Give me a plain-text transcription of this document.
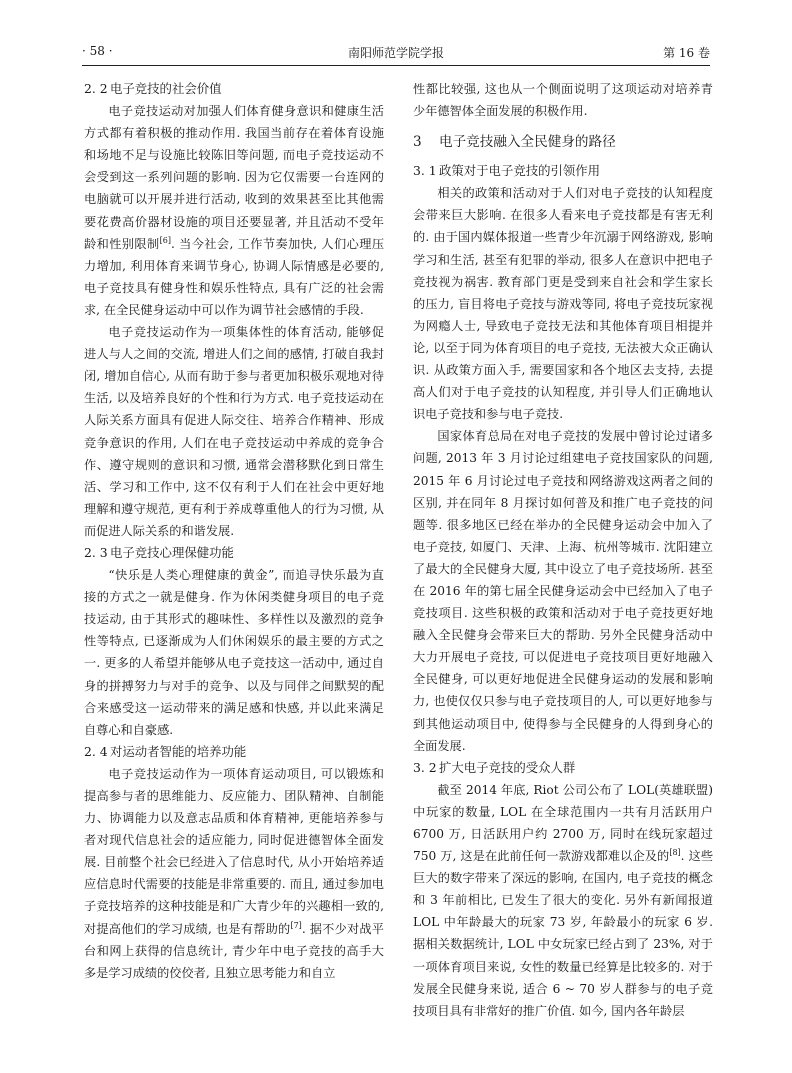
· 58 ·	南阳师范学院学报	第 16 卷
2. 2 电子竞技的社会价值

电子竞技运动对加强人们体育健身意识和健康生活方式都有着积极的推动作用. 我国当前存在着体育设施和场地不足与设施比较陈旧等问题, 而电子竞技运动不会受到这一系列问题的影响. 因为它仅需要一台连网的电脑就可以开展并进行活动, 收到的效果甚至比其他需要花费高价器材设施的项目还要显著, 并且活动不受年龄和性别限制[6]. 当今社会, 工作节奏加快, 人们心理压力增加, 利用体育来调节身心, 协调人际情感是必要的, 电子竞技具有健身性和娱乐性特点, 具有广泛的社会需求, 在全民健身运动中可以作为调节社会感情的手段.

电子竞技运动作为一项集体性的体育活动, 能够促进人与人之间的交流, 增进人们之间的感情, 打破自我封闭, 增加自信心, 从而有助于参与者更加积极乐观地对待生活, 以及培养良好的个性和行为方式. 电子竞技运动在人际关系方面具有促进人际交往、培养合作精神、形成竞争意识的作用, 人们在电子竞技运动中养成的竞争合作、遵守规则的意识和习惯, 通常会潜移默化到日常生活、学习和工作中, 这不仅有利于人们在社会中更好地理解和遵守规范, 更有利于养成尊重他人的行为习惯, 从而促进人际关系的和谐发展.

2. 3 电子竞技心理保健功能

“快乐是人类心理健康的黄金”, 而追寻快乐最为直接的方式之一就是健身. 作为休闲类健身项目的电子竞技运动, 由于其形式的趣味性、多样性以及激烈的竞争性等特点, 已逐渐成为人们休闲娱乐的最主要的方式之一. 更多的人希望并能够从电子竞技这一活动中, 通过自身的拼搏努力与对手的竞争、以及与同伴之间默契的配合来感受这一运动带来的满足感和快感, 并以此来满足自尊心和自豪感.

2. 4 对运动者智能的培养功能

电子竞技运动作为一项体育运动项目, 可以锻炼和提高参与者的思维能力、反应能力、团队精神、自制能力、协调能力以及意志品质和体育精神, 更能培养参与者对现代信息社会的适应能力, 同时促进德智体全面发展. 目前整个社会已经进入了信息时代, 从小开始培养适应信息时代需要的技能是非常重要的. 而且, 通过参加电子竞技培养的这种技能是和广大青少年的兴趣相一致的, 对提高他们的学习成绩, 也是有帮助的[7]. 据不少对战平台和网上获得的信息统计, 青少年中电子竞技的高手大多是学习成绩的佼佼者, 且独立思考能力和自立

性都比较强, 这也从一个侧面说明了这项运动对培养青少年德智体全面发展的积极作用.

3 电子竞技融入全民健身的路径
3. 1 政策对于电子竞技的引领作用

相关的政策和活动对于人们对电子竞技的认知程度会带来巨大影响. 在很多人看来电子竞技都是有害无利的. 由于国内媒体报道一些青少年沉溺于网络游戏, 影响学习和生活, 甚至有犯罪的举动, 很多人在意识中把电子竞技视为祸害. 教育部门更是受到来自社会和学生家长的压力, 盲目将电子竞技与游戏等同, 将电子竞技玩家视为网瘾人士, 导致电子竞技无法和其他体育项目相提并论, 以至于同为体育项目的电子竞技, 无法被大众正确认识. 从政策方面入手, 需要国家和各个地区去支持, 去提高人们对于电子竞技的认知程度, 并引导人们正确地认识电子竞技和参与电子竞技.

国家体育总局在对电子竞技的发展中曾讨论过诸多问题, 2013 年 3 月讨论过组建电子竞技国家队的问题, 2015 年 6 月讨论过电子竞技和网络游戏这两者之间的区别, 并在同年 8 月探讨如何普及和推广电子竞技的问题等. 很多地区已经在举办的全民健身运动会中加入了电子竞技, 如厦门、天津、上海、杭州等城市. 沈阳建立了最大的全民健身大厦, 其中设立了电子竞技场所. 甚至在 2016 年的第七届全民健身运动会中已经加入了电子竞技项目. 这些积极的政策和活动对于电子竞技更好地融入全民健身会带来巨大的帮助. 另外全民健身活动中大力开展电子竞技, 可以促进电子竞技项目更好地融入全民健身, 可以更好地促进全民健身运动的发展和影响力, 也使仅仅只参与电子竞技项目的人, 可以更好地参与到其他运动项目中, 使得参与全民健身的人得到身心的全面发展.

3. 2 扩大电子竞技的受众人群

截至 2014 年底, Riot 公司公布了 LOL(英雄联盟) 中玩家的数量, LOL 在全球范围内一共有月活跃用户 6700 万, 日活跃用户约 2700 万, 同时在线玩家超过 750 万, 这是在此前任何一款游戏都难以企及的[8]. 这些巨大的数字带来了深远的影响, 在国内, 电子竞技的概念和 3 年前相比, 已发生了很大的变化. 另外有新闻报道 LOL 中年龄最大的玩家 73 岁, 年龄最小的玩家 6 岁. 据相关数据统计, LOL 中女玩家已经占到了 23%, 对于一项体育项目来说, 女性的数量已经算是比较多的. 对于发展全民健身来说, 适合 6 ~ 70 岁人群参与的电子竞技项目具有非常好的推广价值. 如今, 国内各年龄层
